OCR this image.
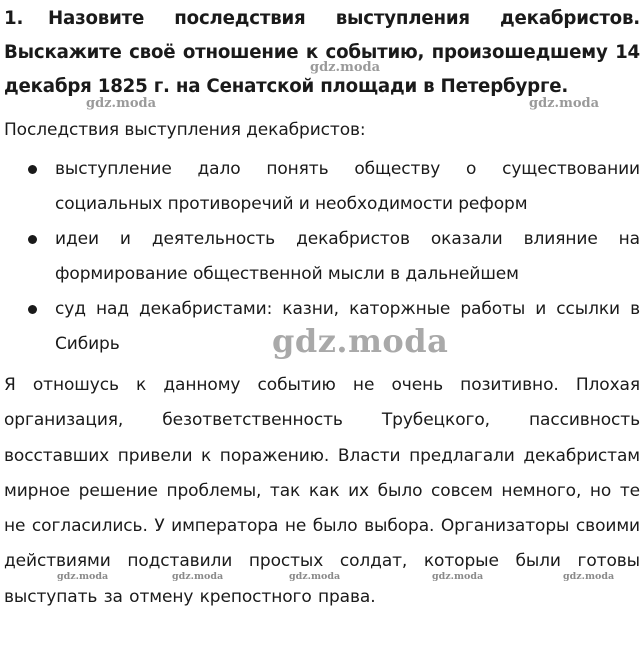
1. Назовите последствия выступления декабристов. Выскажите своё отношение к событию, произошедшему 14 декабря 1825 г. на Сенатской площади в Петербурге.
Последствия выступления декабристов:
выступление дало понять обществу о существовании социальных противоречий и необходимости реформ
идеи и деятельность декабристов оказали влияние на формирование общественной мысли в дальнейшем
суд над декабристами: казни, каторжные работы и ссылки в Сибирь
Я отношусь к данному событию не очень позитивно. Плохая организация, безответственность Трубецкого, пассивность восставших привели к поражению. Власти предлагали декабристам мирное решение проблемы, так как их было совсем немного, но те не согласились. У императора не было выбора. Организаторы своими действиями подставили простых солдат, которые были готовы выступать за отмену крепостного права.
gdz.moda
gdz.moda	gdz.moda
gdz.moda
gdz.moda	gdz.moda	gdz.moda	gdz.moda	gdz.moda
